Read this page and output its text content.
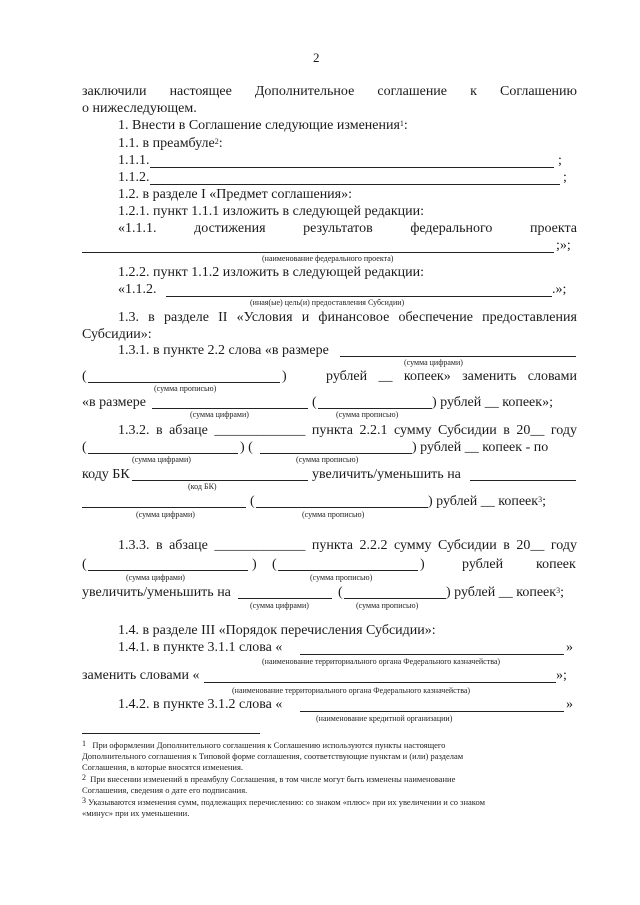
2
заключили настоящее Дополнительное соглашение к Соглашению
о нижеследующем.
1. Внести в Соглашение следующие изменения$^1$:
1.1. в преамбуле$^2$:
1.1.1.	;
1.1.2.	;
1.2. в разделе I «Предмет соглашения»:
1.2.1. пункт 1.1.1 изложить в следующей редакции:
«1.1.1.	достижения	результатов	федерального	проекта
;»;
(наименование федерального проекта)
1.2.2. пункт 1.1.2 изложить в следующей редакции:
«1.1.2.	.»;
(иная(ые) цель(и) предоставления Субсидии)
1.3. в разделе II «Условия и финансовое обеспечение предоставления
Субсидии»:
1.3.1. в пункте 2.2 слова «в размере
(сумма цифрами)
(	)	рублей __ копеек» заменить словами
(сумма прописью)
«в размере	(	) рублей __ копеек»;
(сумма цифрами)	(сумма прописью)
1.3.2. в абзаце _____________ пункта 2.2.1 сумму Субсидии в 20__ году
(	) (	) рублей __ копеек - по
(сумма цифрами)	(сумма прописью)
коду БК	увеличить/уменьшить на
(код БК)
(	) рублей __ копеек$^3$;
(сумма цифрами)	(сумма прописью)
1.3.3. в абзаце _____________ пункта 2.2.2 сумму Субсидии в 20__ году
(	) (	)	рублей копеек
(сумма цифрами)	(сумма прописью)
увеличить/уменьшить на	(	) рублей __ копеек$^3$;
(сумма цифрами)	(сумма прописью)
1.4. в разделе III «Порядок перечисления Субсидии»:
1.4.1. в пункте 3.1.1 слова «	»
(наименование территориального органа Федерального казначейства)
заменить словами «	»;
(наименование территориального органа Федерального казначейства)
1.4.2. в пункте 3.1.2 слова «	»
(наименование кредитной организации)
$^1$ При оформлении Дополнительного соглашения к Соглашению используются пункты настоящего
Дополнительного соглашения к Типовой форме соглашения, соответствующие пунктам и (или) разделам
Соглашения, в которые вносятся изменения.
$^2$ При внесении изменений в преамбулу Соглашения, в том числе могут быть изменены наименование
Соглашения, сведения о дате его подписания.
$^3$ Указываются изменения сумм, подлежащих перечислению: со знаком «плюс» при их увеличении и со знаком
«минус» при их уменьшении.
